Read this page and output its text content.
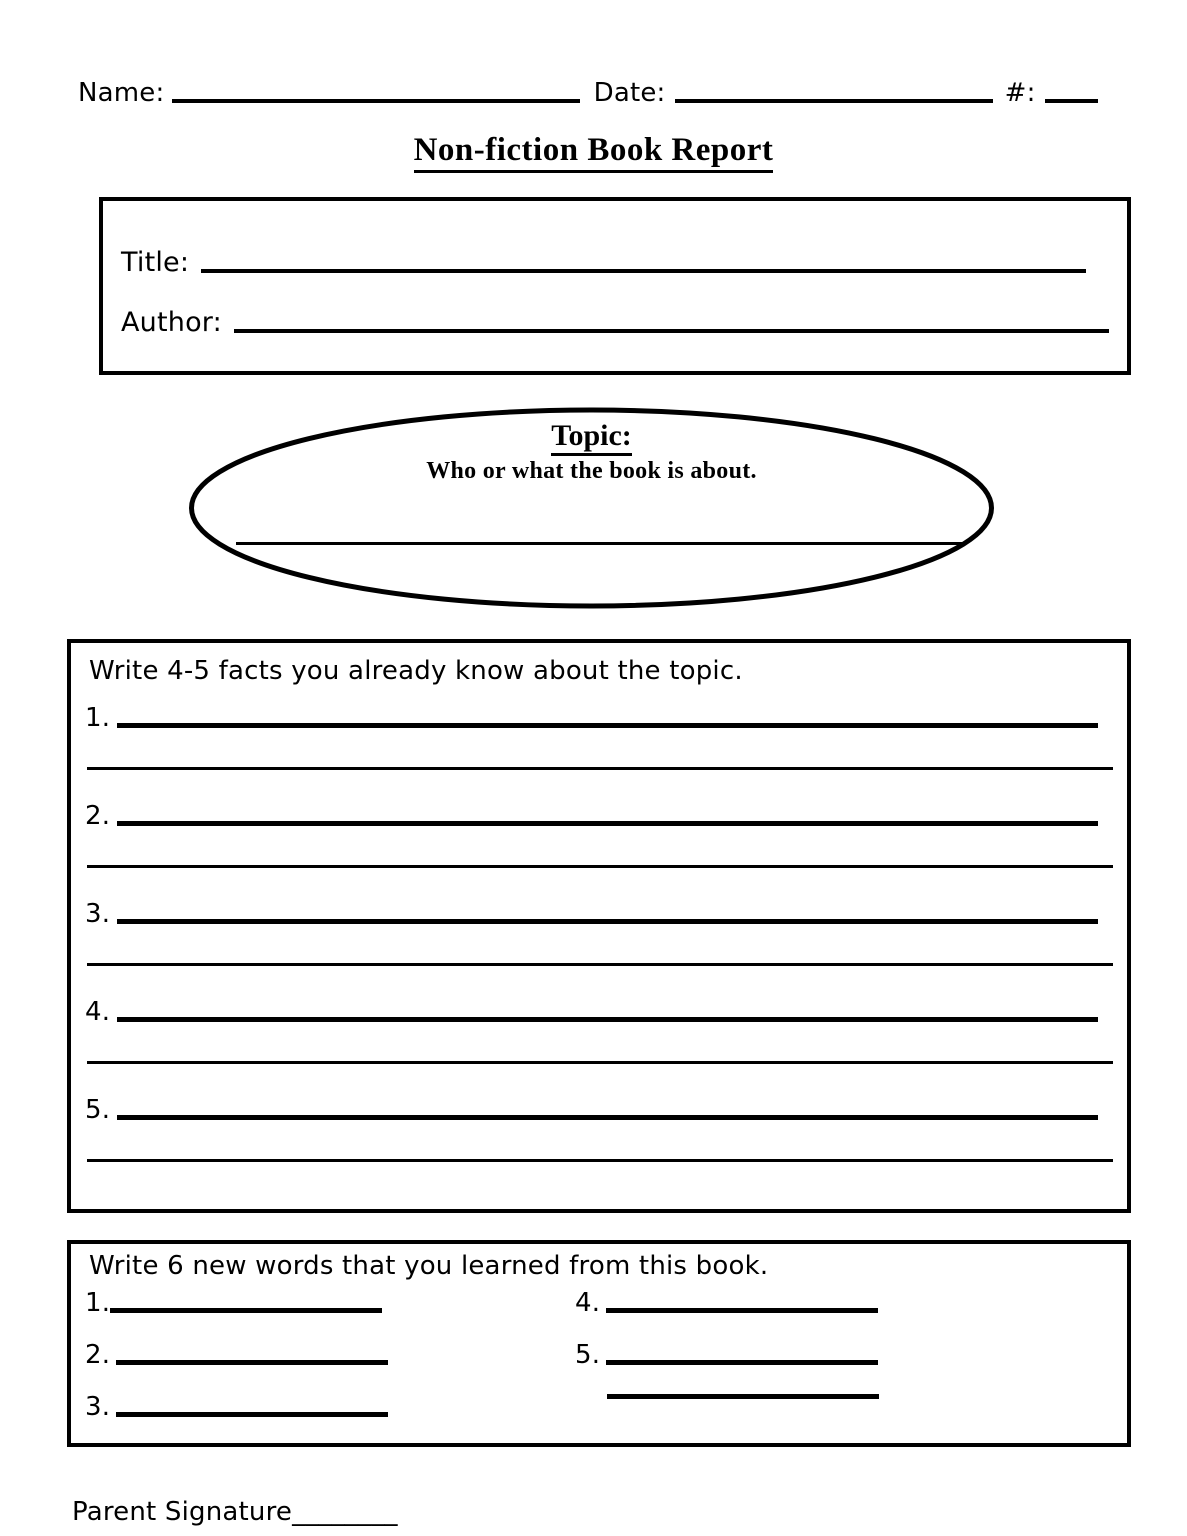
Name:	Date:	#:
Non-fiction Book Report
Title:
Author:
Topic:
Who or what the book is about.
Write 4-5 facts you already know about the topic.
1.
2.
3.
4.
5.
Write 6 new words that you learned from this book.
1.
2.
3.
4.
5.
Parent Signature________
